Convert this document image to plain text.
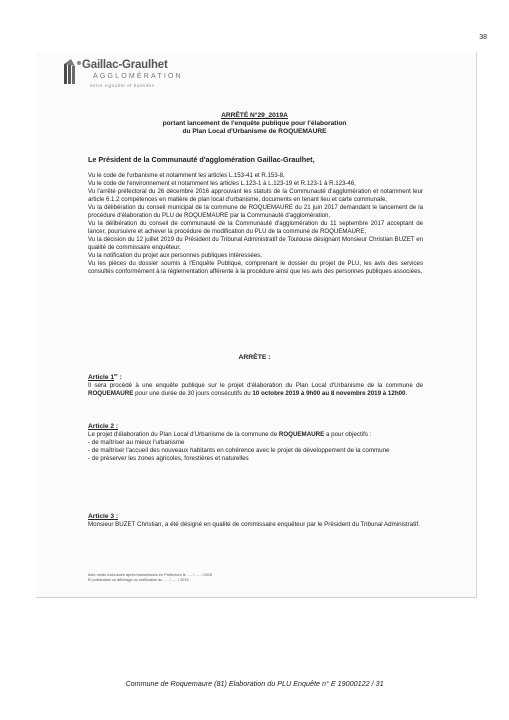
38
Gaillac-Graulhet
AGGLOMÉRATION
entre vignoble et bastides
ARRÊTÉ N°29_2019A
portant lancement de l'enquête publique pour l'élaboration
du Plan Local d'Urbanisme de ROQUEMAURE
Le Président de la Communauté d'agglomération Gaillac-Graulhet,
Vu le code de l'urbanisme et notamment les articles L.153-41 et R.153-8,
Vu le code de l'environnement et notamment les articles L.123-1 à L.123-19 et R.123-1 à R.123-46,
Vu l'arrêté préfectoral du 26 décembre 2016 approuvant les statuts de la Communauté d'agglomération et notamment leur article 6.1.2 compétences en matière de plan local d'urbanisme, documents en tenant lieu et carte communale,
Vu la délibération du conseil municipal de la commune de ROQUEMAURE du 21 juin 2017 demandant le lancement de la procédure d'élaboration du PLU de ROQUEMAURE par la Communauté d'agglomération,
Vu la délibération du conseil de communauté de la Communauté d'agglomération du 11 septembre 2017 acceptant de lancer, poursuivre et achever la procédure de modification du PLU de la commune de ROQUEMAURE,
Vu la décision du 12 juillet 2019 du Président du Tribunal Administratif de Toulouse désignant Monsieur Christian BUZET en qualité de commissaire enquêteur,
Vu la notification du projet aux personnes publiques intéressées,
Vu les pièces du dossier soumis à l'Enquête Publique, comprenant le dossier du projet de PLU, les avis des services consultés conformément à la réglementation afférente à la procédure ainsi que les avis des personnes publiques associées,
ARRÊTE :
Article 1er :
Il sera procédé à une enquête publique sur le projet d'élaboration du Plan Local d'Urbanisme de la commune de ROQUEMAURE pour une durée de 30 jours consécutifs du 10 octobre 2019 à 9h00 au 8 novembre 2019 à 12h00.
Article 2 :
Le projet d'élaboration du Plan Local d'Urbanisme de la commune de ROQUEMAURE a pour objectifs :
- de maîtriser au mieux l'urbanisme
- de maîtriser l'accueil des nouveaux habitants en cohérence avec le projet de développement de la commune
- de préserver les zones agricoles, forestières et naturelles
Article 3 :
Monsieur BUZET Christian, a été désigné en qualité de commissaire enquêteur par le Président du Tribunal Administratif.
Acte rendu exécutoire après transmission en Préfecture le ..... / ..... / 2019
Et publication ou affichage ou notification du ..... / ..... / 2019
Commune de Roquemaure (81) Elaboration du PLU Enquête n° E 19000122 / 31
